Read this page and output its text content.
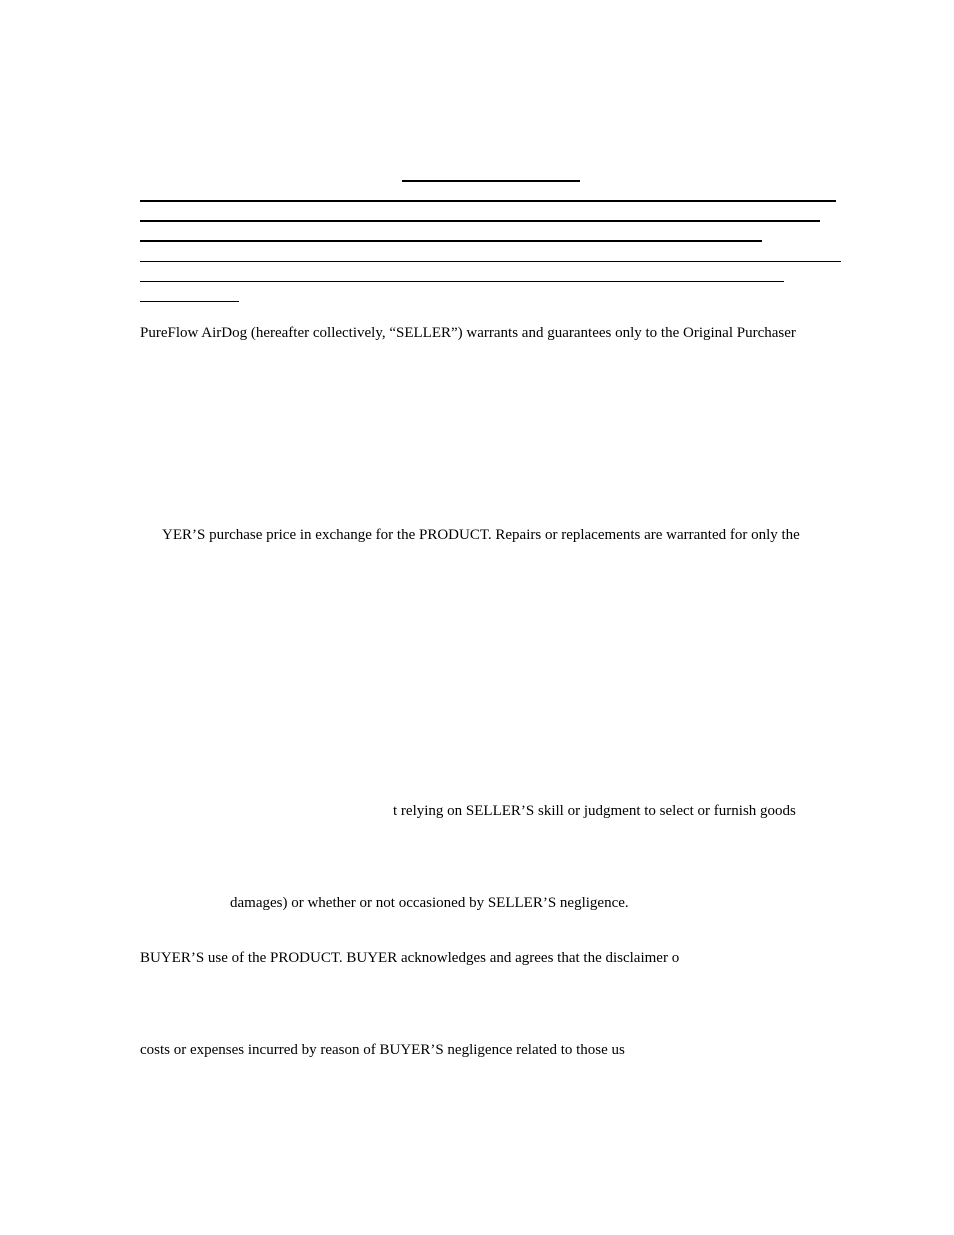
PureFlow AirDog (hereafter collectively, “SELLER”) warrants and guarantees only to the Original Purchaser
YER’S purchase price in exchange for the PRODUCT. Repairs or replacements are warranted for only the
t relying on SELLER’S skill or judgment to select or furnish goods
damages) or whether or not occasioned by SELLER’S negligence.
BUYER’S use of the PRODUCT. BUYER acknowledges and agrees that the disclaimer o
costs or expenses incurred by reason of BUYER’S negligence related to those us
